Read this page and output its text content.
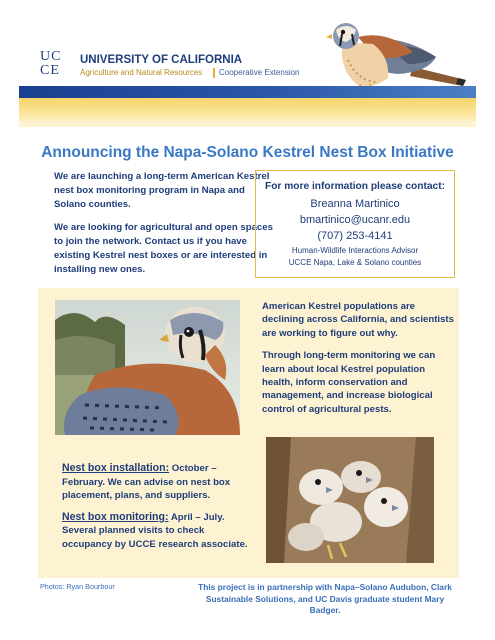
UC
CE
UNIVERSITY OF CALIFORNIA
Agriculture and Natural Resources Cooperative Extension
Announcing the Napa-Solano Kestrel Nest Box Initiative

We are launching a long-term American Kestrel nest box monitoring program in Napa and Solano counties.

We are looking for agricultural and open spaces to join the network. Contact us if you have existing Kestrel nest boxes or are interested in installing new ones.

For more information please contact:
Breanna Martinico
bmartinico@ucanr.edu
(707) 253-4141
Human-Wildlife Interactions Advisor
UCCE Napa, Lake & Solano counties

American Kestrel populations are declining across California, and scientists are working to figure out why.

Through long-term monitoring we can learn about local Kestrel population health, inform conservation and management, and increase biological control of agricultural pests.

Nest box installation: October – February. We can advise on nest box placement, plans, and suppliers.

Nest box monitoring: April – July. Several planned visits to check occupancy by UCCE research associate.

Photos: Ryan Bourbour	This project is in partnership with Napa–Solano Audubon, Clark Sustainable Solutions, and UC Davis graduate student Mary Badger.
